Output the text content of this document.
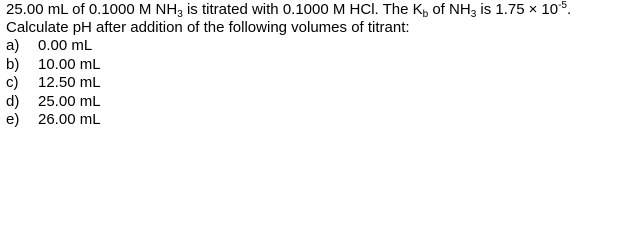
25.00 mL of 0.1000 M $NH_3$ is titrated with 0.1000 M HCl. The $K_b$ of $NH_3$ is $1.75 \times 10^{-5}$.
Calculate pH after addition of the following volumes of titrant:
a) 0.00 mL
b) 10.00 mL
c) 12.50 mL
d) 25.00 mL
e) 26.00 mL
